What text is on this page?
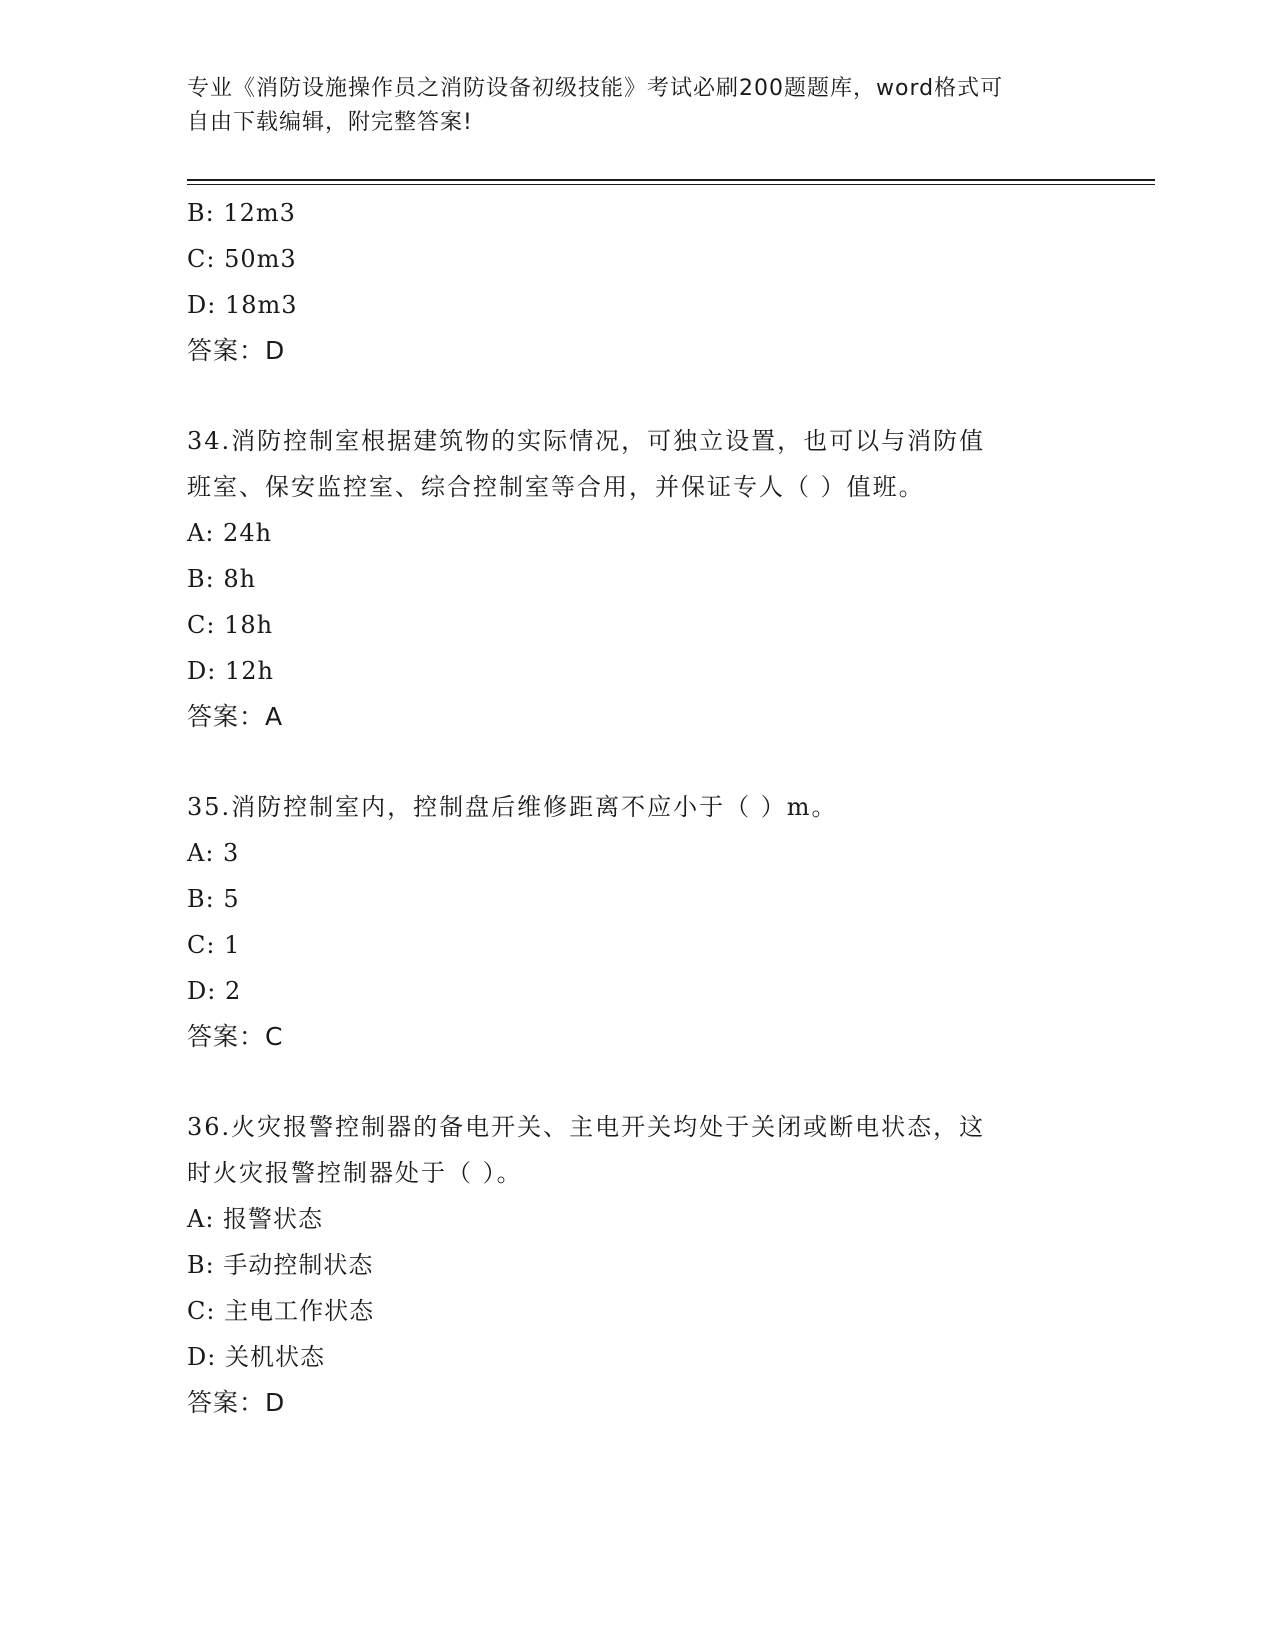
专业《消防设施操作员之消防设备初级技能》考试必刷200题题库，word格式可
自由下载编辑，附完整答案!
B: 12m3
C: 50m3
D: 18m3
答案：D
34.消防控制室根据建筑物的实际情况，可独立设置，也可以与消防值
班室、保安监控室、综合控制室等合用，并保证专人（ ）值班。
A: 24h
B: 8h
C: 18h
D: 12h
答案：A
35.消防控制室内，控制盘后维修距离不应小于（ ）m。
A: 3
B: 5
C: 1
D: 2
答案：C
36.火灾报警控制器的备电开关、主电开关均处于关闭或断电状态，这
时火灾报警控制器处于（ ）。
A: 报警状态
B: 手动控制状态
C: 主电工作状态
D: 关机状态
答案：D
